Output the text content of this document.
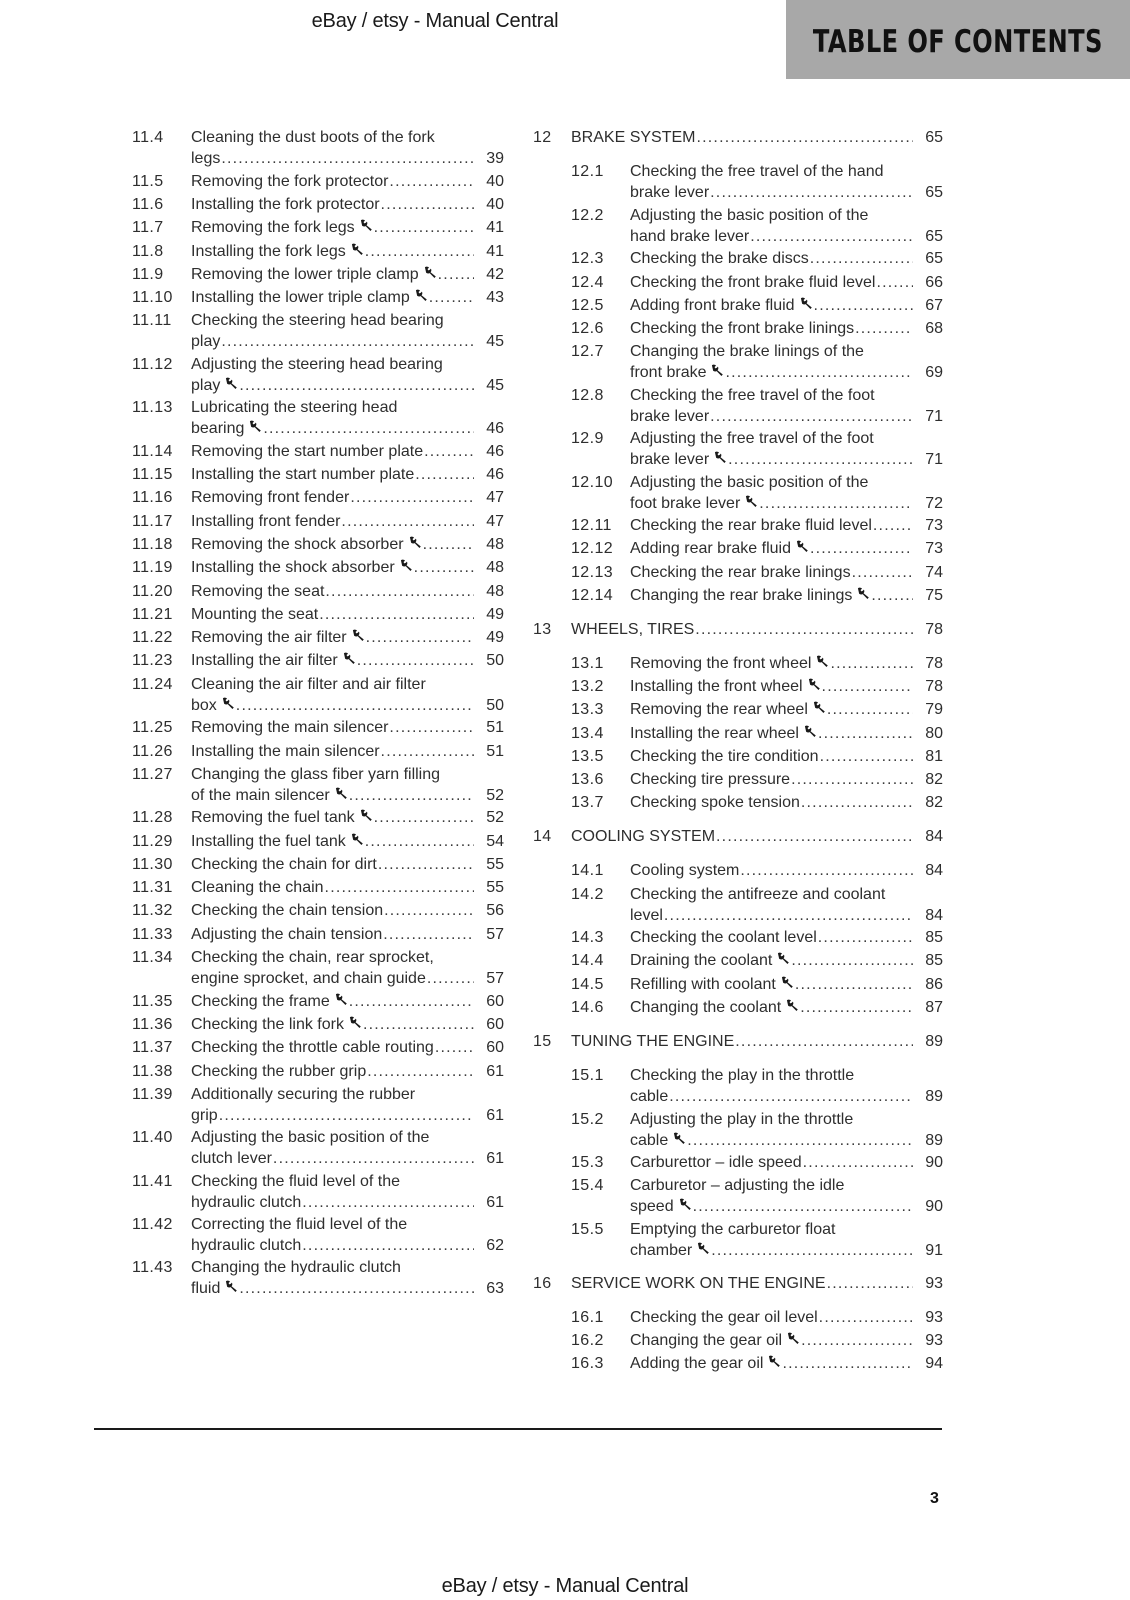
eBay / etsy - Manual Central
TABLE OF CONTENTS
11.4 Cleaning the dust boots of the fork
legs .....	39
11.5 Removing the fork protector .....	40
11.6 Installing the fork protector .....	40
11.7 Removing the fork legs .....	41
11.8 Installing the fork legs .....	41
11.9 Removing the lower triple clamp .....	42
11.10 Installing the lower triple clamp .....	43
11.11 Checking the steering head bearing
play .....	45
11.12 Adjusting the steering head bearing
play .....	45
11.13 Lubricating the steering head
bearing .....	46
11.14 Removing the start number plate .....	46
11.15 Installing the start number plate .....	46
11.16 Removing front fender .....	47
11.17 Installing front fender .....	47
11.18 Removing the shock absorber .....	48
11.19 Installing the shock absorber .....	48
11.20 Removing the seat .....	48
11.21 Mounting the seat .....	49
11.22 Removing the air filter .....	49
11.23 Installing the air filter .....	50
11.24 Cleaning the air filter and air filter
box .....	50
11.25 Removing the main silencer .....	51
11.26 Installing the main silencer .....	51
11.27 Changing the glass fiber yarn filling
of the main silencer .....	52
11.28 Removing the fuel tank .....	52
11.29 Installing the fuel tank .....	54
11.30 Checking the chain for dirt .....	55
11.31 Cleaning the chain .....	55
11.32 Checking the chain tension .....	56
11.33 Adjusting the chain tension .....	57
11.34 Checking the chain, rear sprocket,
engine sprocket, and chain guide .....	57
11.35 Checking the frame .....	60
11.36 Checking the link fork .....	60
11.37 Checking the throttle cable routing .....	60
11.38 Checking the rubber grip .....	61
11.39 Additionally securing the rubber
grip .....	61
11.40 Adjusting the basic position of the
clutch lever .....	61
11.41 Checking the fluid level of the
hydraulic clutch .....	61
11.42 Correcting the fluid level of the
hydraulic clutch .....	62
11.43 Changing the hydraulic clutch
fluid .....	63
12 BRAKE SYSTEM .....	65
12.1 Checking the free travel of the hand
brake lever .....	65
12.2 Adjusting the basic position of the
hand brake lever .....	65
12.3 Checking the brake discs .....	65
12.4 Checking the front brake fluid level .....	66
12.5 Adding front brake fluid .....	67
12.6 Checking the front brake linings .....	68
12.7 Changing the brake linings of the
front brake .....	69
12.8 Checking the free travel of the foot
brake lever .....	71
12.9 Adjusting the free travel of the foot
brake lever .....	71
12.10 Adjusting the basic position of the
foot brake lever .....	72
12.11 Checking the rear brake fluid level .....	73
12.12 Adding rear brake fluid .....	73
12.13 Checking the rear brake linings .....	74
12.14 Changing the rear brake linings .....	75
13 WHEELS, TIRES .....	78
13.1 Removing the front wheel .....	78
13.2 Installing the front wheel .....	78
13.3 Removing the rear wheel .....	79
13.4 Installing the rear wheel .....	80
13.5 Checking the tire condition .....	81
13.6 Checking tire pressure .....	82
13.7 Checking spoke tension .....	82
14 COOLING SYSTEM .....	84
14.1 Cooling system .....	84
14.2 Checking the antifreeze and coolant
level .....	84
14.3 Checking the coolant level .....	85
14.4 Draining the coolant .....	85
14.5 Refilling with coolant .....	86
14.6 Changing the coolant .....	87
15 TUNING THE ENGINE .....	89
15.1 Checking the play in the throttle
cable .....	89
15.2 Adjusting the play in the throttle
cable .....	89
15.3 Carburettor – idle speed .....	90
15.4 Carburetor – adjusting the idle
speed .....	90
15.5 Emptying the carburetor float
chamber .....	91
16 SERVICE WORK ON THE ENGINE .....	93
16.1 Checking the gear oil level .....	93
16.2 Changing the gear oil .....	93
16.3 Adding the gear oil .....	94
3
eBay / etsy - Manual Central
